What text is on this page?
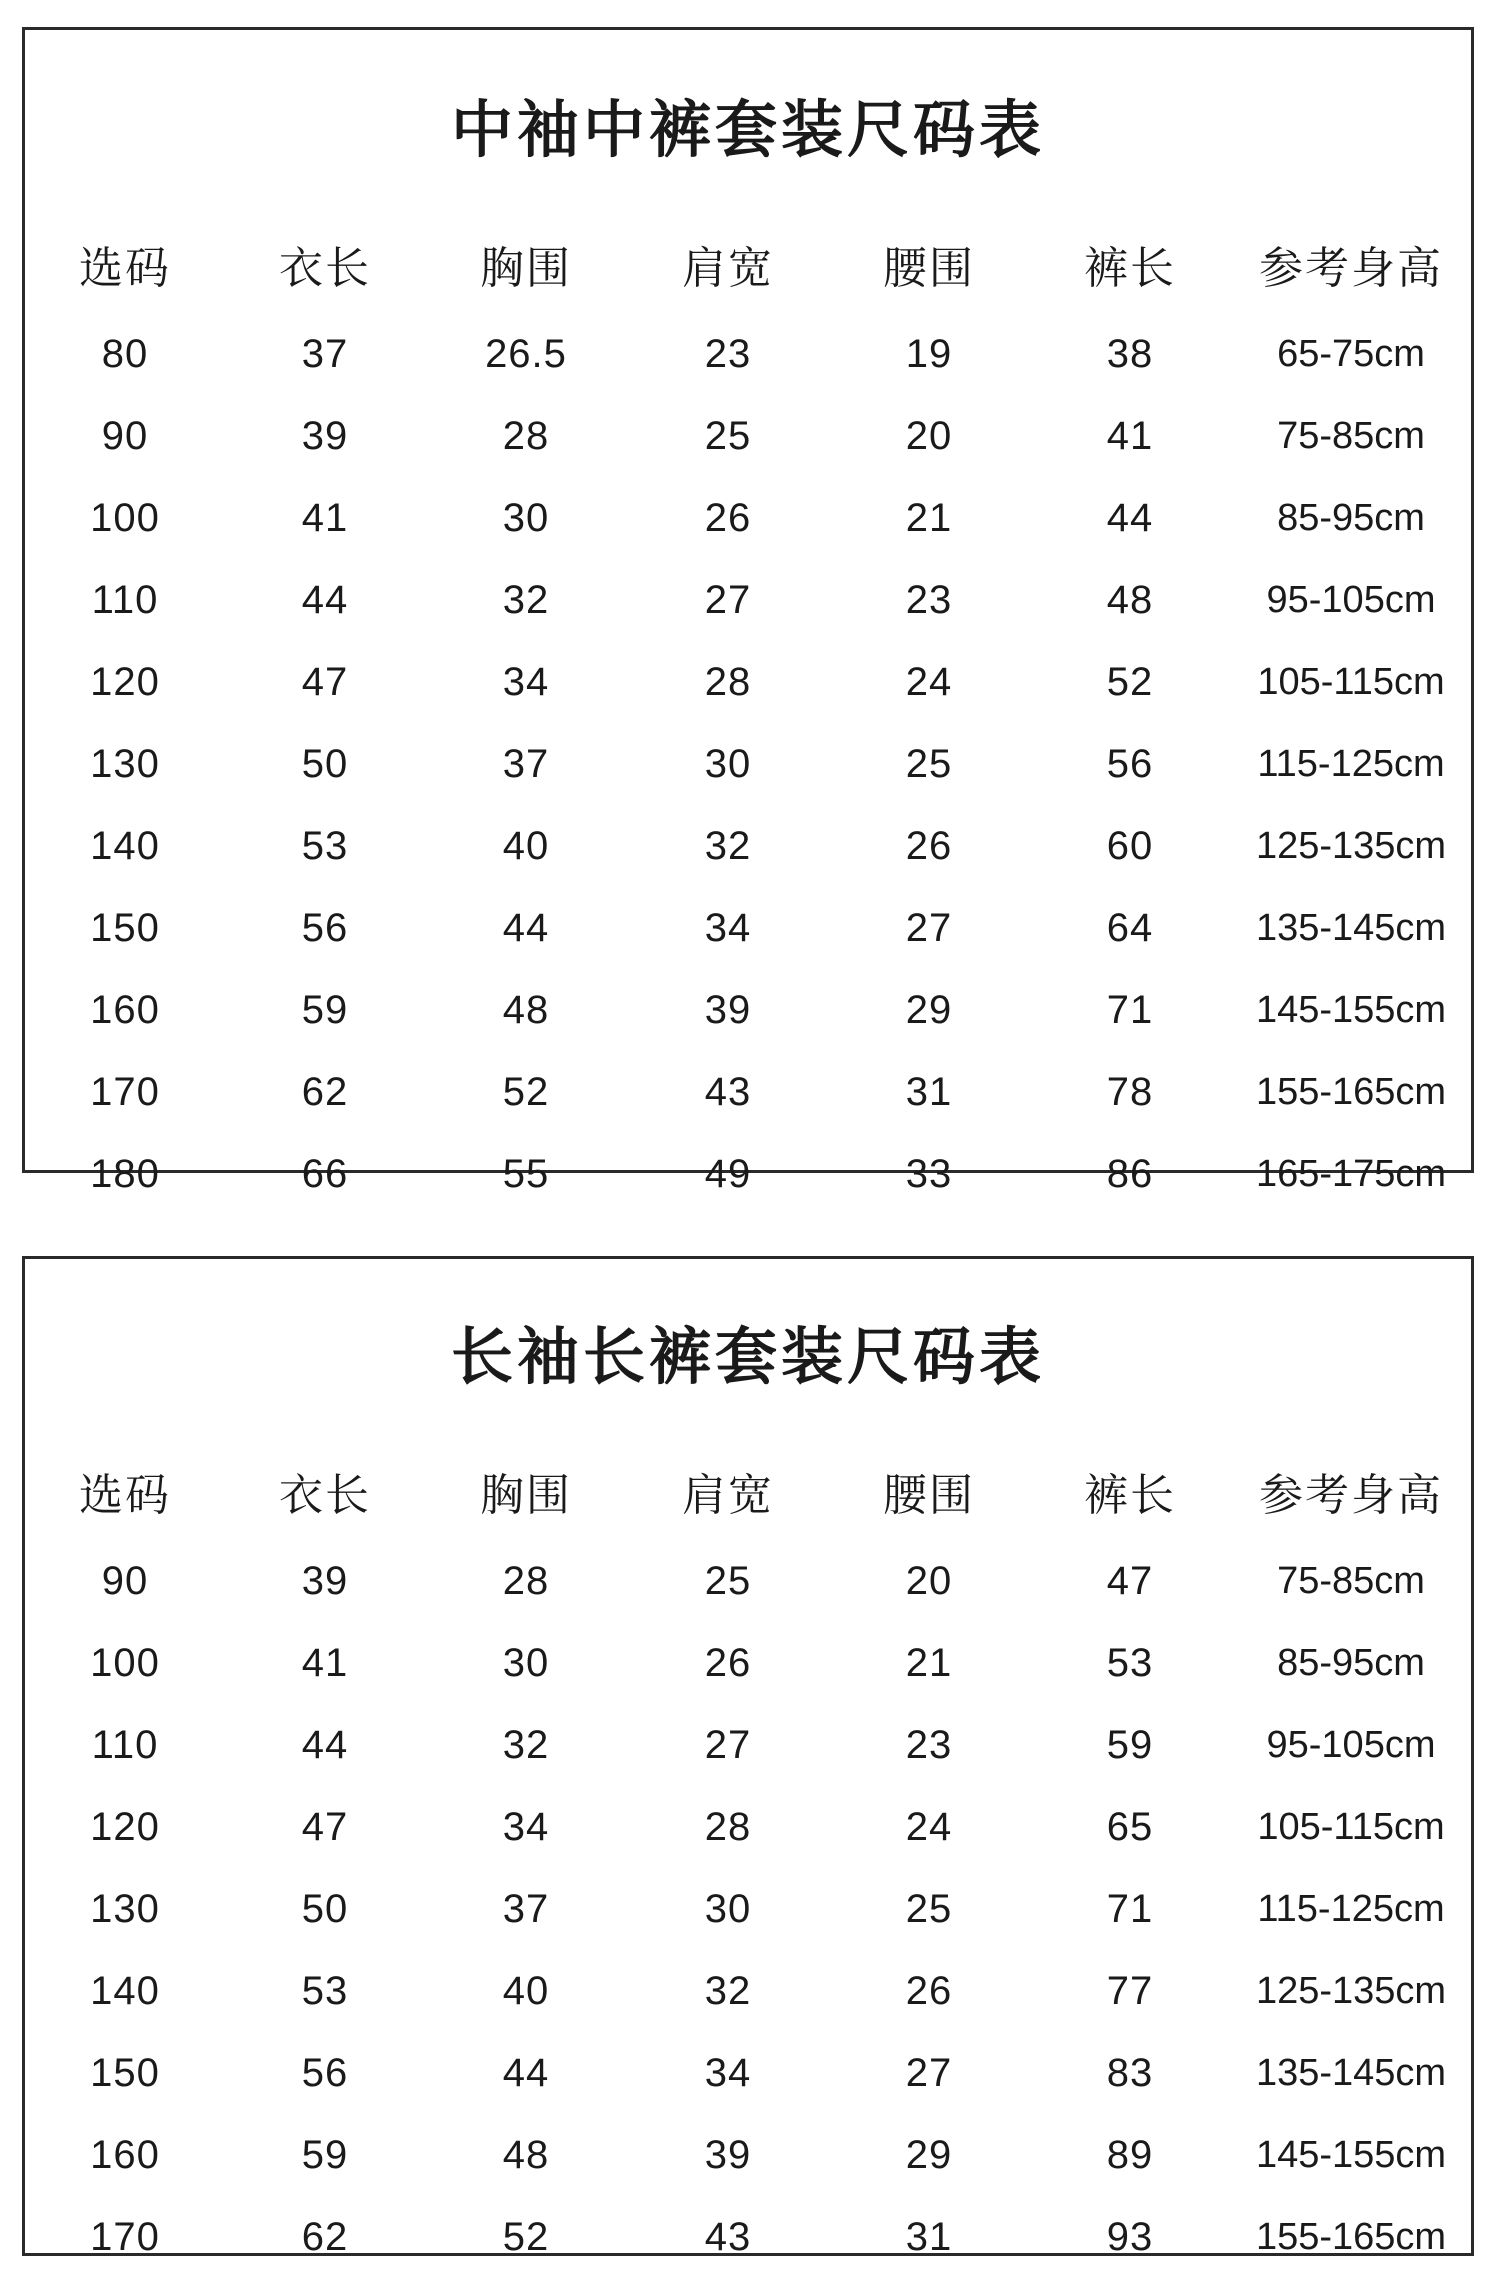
中袖中裤套装尺码表
选码	衣长	胸围	肩宽	腰围	裤长	参考身高
80	37	26.5	23	19	38	65-75cm
90	39	28	25	20	41	75-85cm
100	41	30	26	21	44	85-95cm
110	44	32	27	23	48	95-105cm
120	47	34	28	24	52	105-115cm
130	50	37	30	25	56	115-125cm
140	53	40	32	26	60	125-135cm
150	56	44	34	27	64	135-145cm
160	59	48	39	29	71	145-155cm
170	62	52	43	31	78	155-165cm
180	66	55	49	33	86	165-175cm
长袖长裤套装尺码表
选码	衣长	胸围	肩宽	腰围	裤长	参考身高
90	39	28	25	20	47	75-85cm
100	41	30	26	21	53	85-95cm
110	44	32	27	23	59	95-105cm
120	47	34	28	24	65	105-115cm
130	50	37	30	25	71	115-125cm
140	53	40	32	26	77	125-135cm
150	56	44	34	27	83	135-145cm
160	59	48	39	29	89	145-155cm
170	62	52	43	31	93	155-165cm
